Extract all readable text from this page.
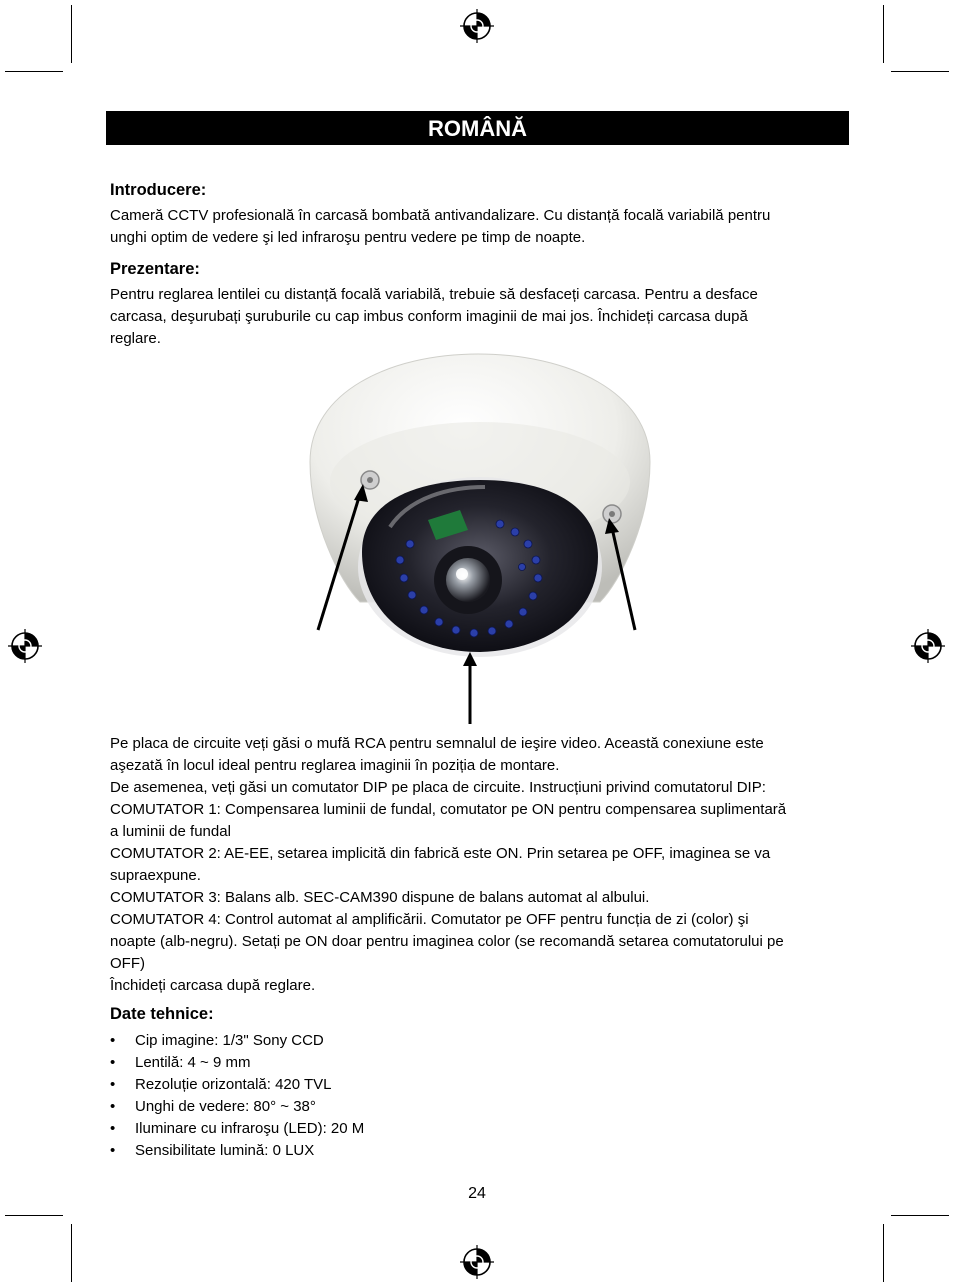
ROMÂNĂ
Introducere:

Cameră CCTV profesională în carcasă bombată antivandalizare. Cu distanță focală variabilă pentru

unghi optim de vedere şi led infraroşu pentru vedere pe timp de noapte.

Prezentare:

Pentru reglarea lentilei cu distanță focală variabilă, trebuie să desfaceți carcasa. Pentru a desface

carcasa, deşurubați şuruburile cu cap imbus conform imaginii de mai jos. Închideți carcasa după

reglare.

Pe placa de circuite veți găsi o mufă RCA pentru semnalul de ieşire video. Această conexiune este

aşezată în locul ideal pentru reglarea imaginii în poziția de montare.

De asemenea, veți găsi un comutator DIP pe placa de circuite. Instrucțiuni privind comutatorul DIP:

COMUTATOR 1: Compensarea luminii de fundal, comutator pe ON pentru compensarea suplimentară

a luminii de fundal

COMUTATOR 2: AE-EE, setarea implicită din fabrică este ON. Prin setarea pe OFF, imaginea se va

supraexpune.

COMUTATOR 3: Balans alb. SEC-CAM390 dispune de balans automat al albului.

COMUTATOR 4: Control automat al amplificării. Comutator pe OFF pentru funcția de zi (color) şi

noapte (alb-negru). Setați pe ON doar pentru imaginea color (se recomandă setarea comutatorului pe

OFF)

Închideți carcasa după reglare.

Date tehnice:
• Cip imagine: 1/3" Sony CCD
• Lentilă: 4 ~ 9 mm
• Rezoluție orizontală: 420 TVL
• Unghi de vedere: 80° ~ 38°
• Iluminare cu infraroşu (LED): 20 M
• Sensibilitate lumină: 0 LUX
24
